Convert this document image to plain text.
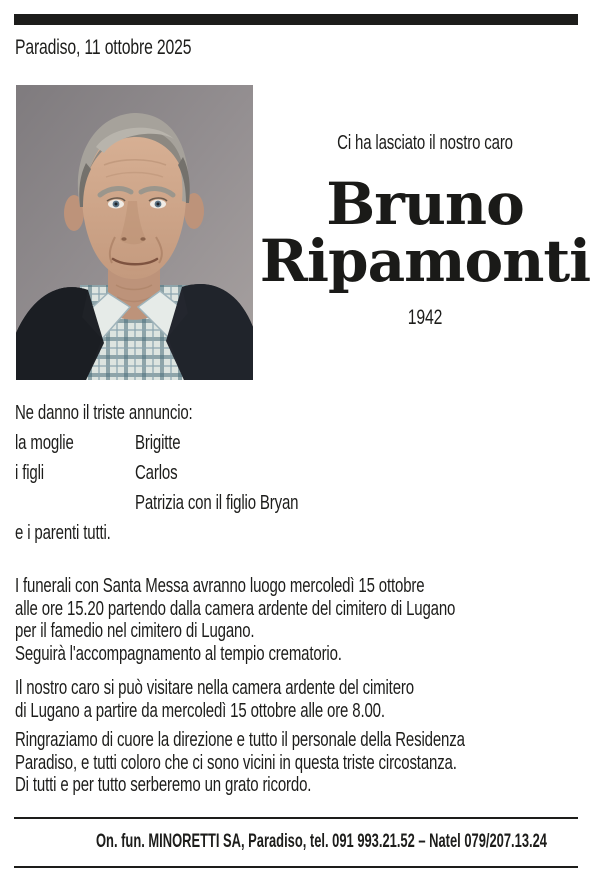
Paradiso, 11 ottobre 2025
Ci ha lasciato il nostro caro
Bruno
Ripamonti
1942
Ne danno il triste annuncio:
la moglie	Brigitte
i figli	Carlos
Patrizia con il figlio Bryan
e i parenti tutti.
I funerali con Santa Messa avranno luogo mercoledì 15 ottobre
alle ore 15.20 partendo dalla camera ardente del cimitero di Lugano
per il famedio nel cimitero di Lugano.
Seguirà l'accompagnamento al tempio crematorio.
Il nostro caro si può visitare nella camera ardente del cimitero
di Lugano a partire da mercoledì 15 ottobre alle ore 8.00.
Ringraziamo di cuore la direzione e tutto il personale della Residenza
Paradiso, e tutti coloro che ci sono vicini in questa triste circostanza.
Di tutti e per tutto serberemo un grato ricordo.
On. fun. MINORETTI SA, Paradiso, tel. 091 993.21.52 – Natel 079/207.13.24
